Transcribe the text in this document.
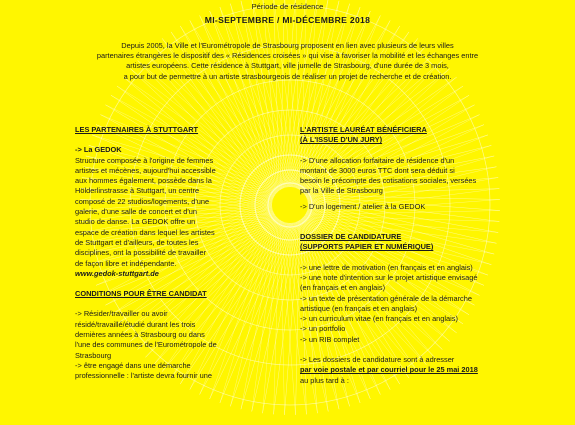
Période de résidence
MI-SEPTEMBRE / MI-DÉCEMBRE 2018

Depuis 2005, la Ville et l'Eurométropole de Strasbourg proposent en lien avec plusieurs de leurs villes

partenaires étrangères le dispositif des « Résidences croisées » qui vise à favoriser la mobilité et les échanges entre

artistes européens. Cette résidence à Stuttgart, ville jumelle de Strasbourg, d'une durée de 3 mois,

a pour but de permettre à un artiste strasbourgeois de réaliser un projet de recherche et de création.

LES PARTENAIRES À STUTTGART

-> La GEDOK

Structure composée à l'origine de femmes

artistes et mécènes, aujourd'hui accessible

aux hommes également, possède dans la

Hölderlinstrasse à Stuttgart, un centre

composé de 22 studios/logements, d'une

galerie, d'une salle de concert et d'un

studio de danse. La GEDOK offre un

espace de création dans lequel les artistes

de Stuttgart et d'ailleurs, de toutes les

disciplines, ont la possibilité de travailler

de façon libre et indépendante.

www.gedok-stuttgart.de

CONDITIONS POUR ÊTRE CANDIDAT

-> Résider/travailler ou avoir

résidé/travaillé/étudié durant les trois

dernières années à Strasbourg ou dans

l'une des communes de l'Eurométropole de

Strasbourg

-> être engagé dans une démarche

professionnelle : l'artiste devra fournir une

L'ARTISTE LAURÉAT BÉNÉFICIERA

(À L'ISSUE D'UN JURY)

-> D'une allocation forfaitaire de résidence d'un

montant de 3000 euros TTC dont sera déduit si

besoin le précompte des cotisations sociales, versées

par la Ville de Strasbourg

-> D'un logement / atelier à la GEDOK

DOSSIER DE CANDIDATURE

(SUPPORTS PAPIER ET NUMÉRIQUE)

-> une lettre de motivation (en français et en anglais)

-> une note d'intention sur le projet artistique envisagé

(en français et en anglais)

-> un texte de présentation générale de la démarche

artistique (en français et en anglais)

-> un curriculum vitae (en français et en anglais)

-> un portfolio

-> un RIB complet

-> Les dossiers de candidature sont à adresser

par voie postale et par courriel pour le 25 mai 2018

au plus tard à :
